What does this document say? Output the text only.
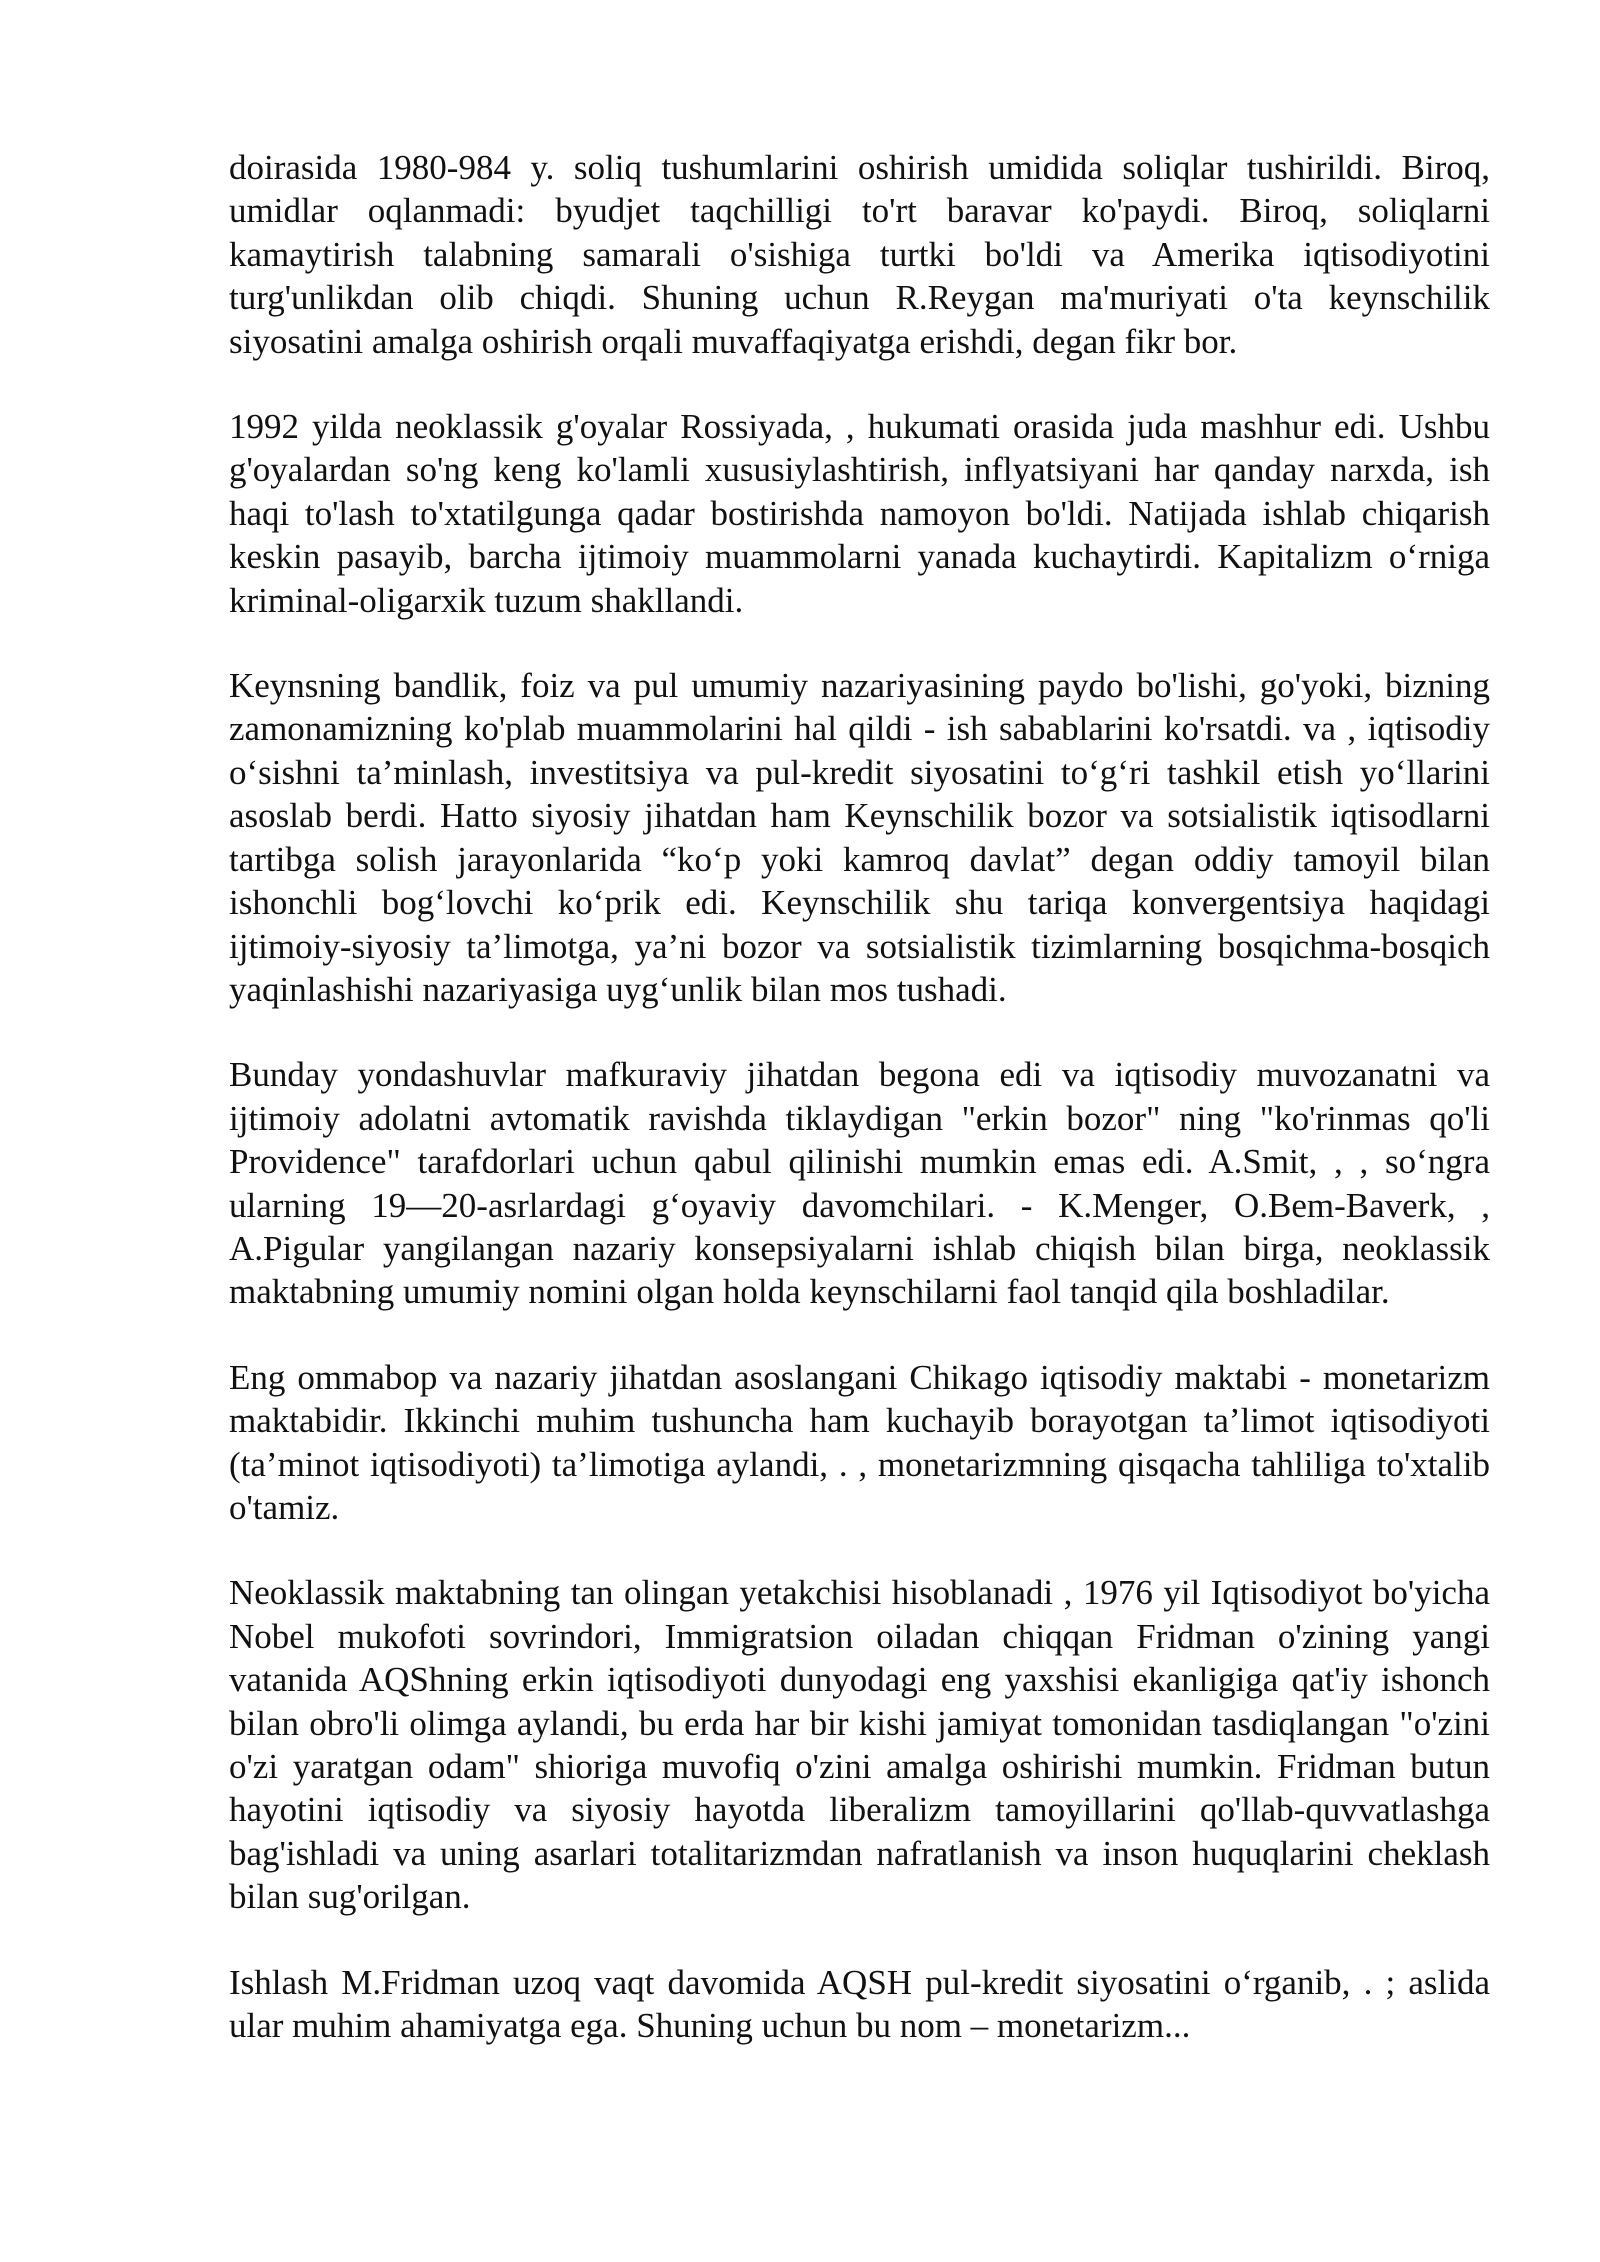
doirasida 1980-984 y. soliq tushumlarini oshirish umidida soliqlar tushirildi. Biroq, umidlar oqlanmadi: byudjet taqchilligi to'rt baravar ko'paydi. Biroq, soliqlarni kamaytirish talabning samarali o'sishiga turtki bo'ldi va Amerika iqtisodiyotini turg'unlikdan olib chiqdi. Shuning uchun R.Reygan ma'muriyati o'ta keynschilik siyosatini amalga oshirish orqali muvaffaqiyatga erishdi, degan fikr bor.

1992 yilda neoklassik g'oyalar Rossiyada, , hukumati orasida juda mashhur edi. Ushbu g'oyalardan so'ng keng ko'lamli xususiylashtirish, inflyatsiyani har qanday narxda, ish haqi to'lash to'xtatilgunga qadar bostirishda namoyon bo'ldi. Natijada ishlab chiqarish keskin pasayib, barcha ijtimoiy muammolarni yanada kuchaytirdi. Kapitalizm o‘rniga kriminal-oligarxik tuzum shakllandi.

Keynsning bandlik, foiz va pul umumiy nazariyasining paydo bo'lishi, go'yoki, bizning zamonamizning ko'plab muammolarini hal qildi - ish sabablarini ko'rsatdi. va , iqtisodiy o‘sishni ta’minlash, investitsiya va pul-kredit siyosatini to‘g‘ri tashkil etish yo‘llarini asoslab berdi. Hatto siyosiy jihatdan ham Keynschilik bozor va sotsialistik iqtisodlarni tartibga solish jarayonlarida “ko‘p yoki kamroq davlat” degan oddiy tamoyil bilan ishonchli bog‘lovchi ko‘prik edi. Keynschilik shu tariqa konvergentsiya haqidagi ijtimoiy-siyosiy ta’limotga, ya’ni bozor va sotsialistik tizimlarning bosqichma-bosqich yaqinlashishi nazariyasiga uyg‘unlik bilan mos tushadi.

Bunday yondashuvlar mafkuraviy jihatdan begona edi va iqtisodiy muvozanatni va ijtimoiy adolatni avtomatik ravishda tiklaydigan "erkin bozor" ning "ko'rinmas qo'li Providence" tarafdorlari uchun qabul qilinishi mumkin emas edi. A.Smit, , , so‘ngra ularning 19—20-asrlardagi g‘oyaviy davomchilari. - K.Menger, O.Bem-Baverk, , A.Pigular yangilangan nazariy konsepsiyalarni ishlab chiqish bilan birga, neoklassik maktabning umumiy nomini olgan holda keynschilarni faol tanqid qila boshladilar.

Eng ommabop va nazariy jihatdan asoslangani Chikago iqtisodiy maktabi - monetarizm maktabidir. Ikkinchi muhim tushuncha ham kuchayib borayotgan ta’limot iqtisodiyoti (ta’minot iqtisodiyoti) ta’limotiga aylandi, . , monetarizmning qisqacha tahliliga to'xtalib o'tamiz.

Neoklassik maktabning tan olingan yetakchisi hisoblanadi , 1976 yil Iqtisodiyot bo'yicha Nobel mukofoti sovrindori, Immigratsion oiladan chiqqan Fridman o'zining yangi vatanida AQShning erkin iqtisodiyoti dunyodagi eng yaxshisi ekanligiga qat'iy ishonch bilan obro'li olimga aylandi, bu erda har bir kishi jamiyat tomonidan tasdiqlangan "o'zini o'zi yaratgan odam" shioriga muvofiq o'zini amalga oshirishi mumkin. Fridman butun hayotini iqtisodiy va siyosiy hayotda liberalizm tamoyillarini qo'llab-quvvatlashga bag'ishladi va uning asarlari totalitarizmdan nafratlanish va inson huquqlarini cheklash bilan sug'orilgan.

Ishlash M.Fridman uzoq vaqt davomida AQSH pul-kredit siyosatini o‘rganib, . ; aslida ular muhim ahamiyatga ega. Shuning uchun bu nom – monetarizm...
